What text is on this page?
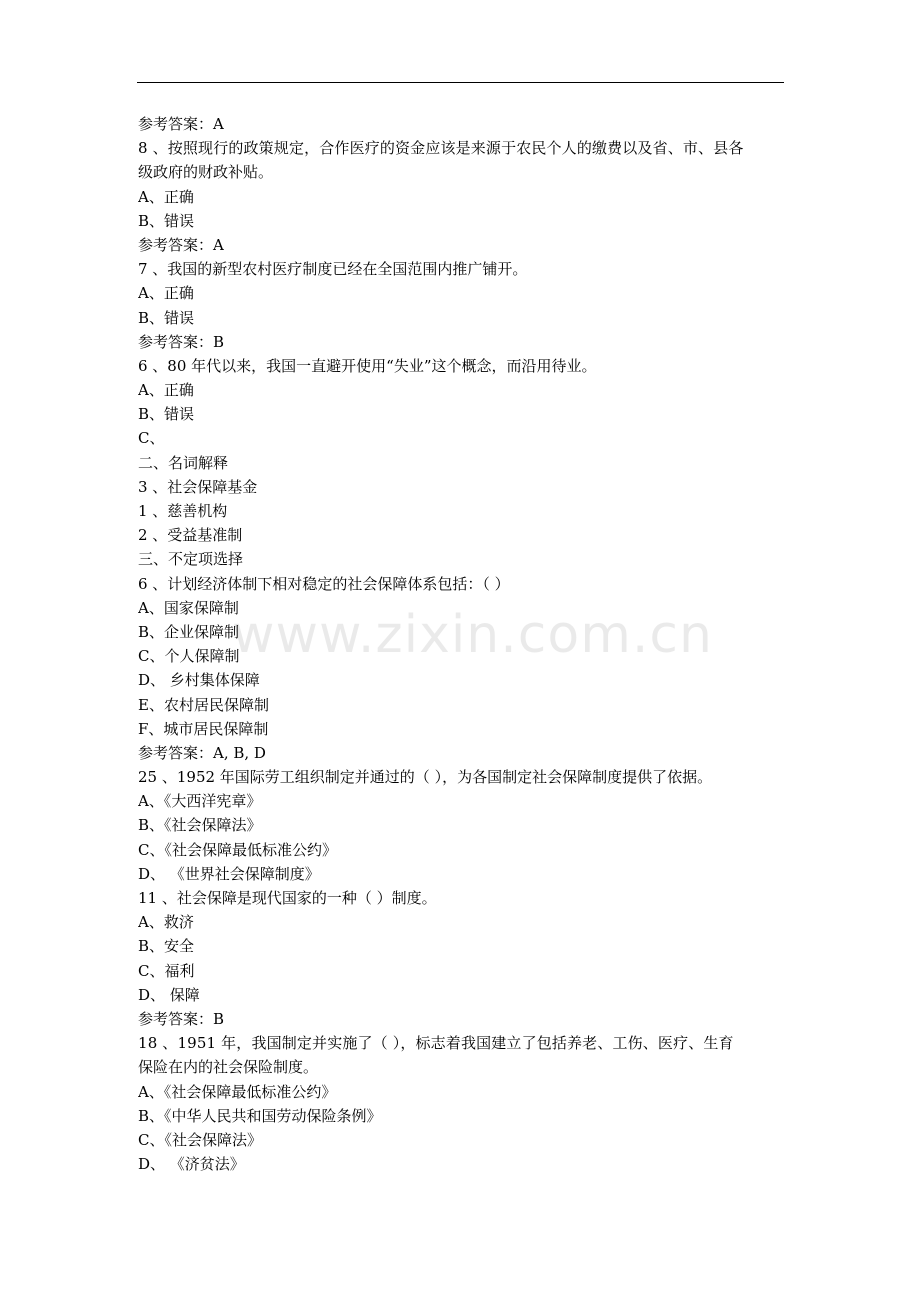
参考答案：A
8 、按照现行的政策规定，合作医疗的资金应该是来源于农民个人的缴费以及省、市、县各
级政府的财政补贴。
A、正确
B、错误
参考答案：A
7 、我国的新型农村医疗制度已经在全国范围内推广铺开。
A、正确
B、错误
参考答案：B
6 、80 年代以来，我国一直避开使用“失业”这个概念，而沿用待业。
A、正确
B、错误
C、
二、名词解释
3 、社会保障基金
1 、慈善机构
2 、受益基准制
三、不定项选择
6 、计划经济体制下相对稳定的社会保障体系包括：（ ）
A、国家保障制
B、企业保障制
C、个人保障制
D、 乡村集体保障
E、农村居民保障制
F、城市居民保障制
参考答案：A, B, D
25 、1952 年国际劳工组织制定并通过的（ ），为各国制定社会保障制度提供了依据。
A、《大西洋宪章》
B、《社会保障法》
C、《社会保障最低标准公约》
D、 《世界社会保障制度》
11 、社会保障是现代国家的一种（ ）制度。
A、救济
B、安全
C、福利
D、 保障
参考答案：B
18 、1951 年，我国制定并实施了（ ），标志着我国建立了包括养老、工伤、医疗、生育
保险在内的社会保险制度。
A、《社会保障最低标准公约》
B、《中华人民共和国劳动保险条例》
C、《社会保障法》
D、 《济贫法》
www.zixin.com.cn
